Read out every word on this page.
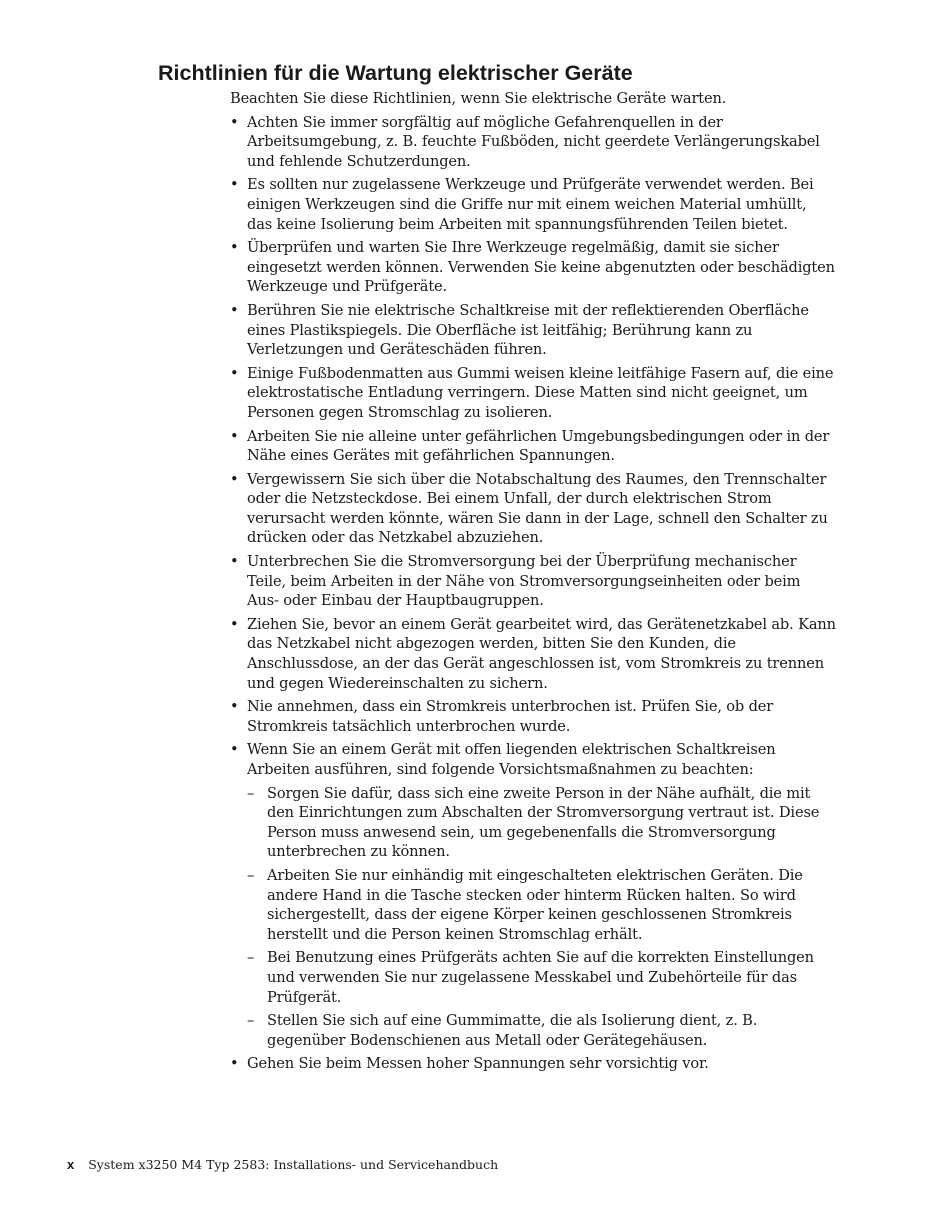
Richtlinien für die Wartung elektrischer Geräte

Beachten Sie diese Richtlinien, wenn Sie elektrische Geräte warten.

• Achten Sie immer sorgfältig auf mögliche Gefahrenquellen in der Arbeitsumgebung, z. B. feuchte Fußböden, nicht geerdete Verlängerungskabel und fehlende Schutzerdungen.
• Es sollten nur zugelassene Werkzeuge und Prüfgeräte verwendet werden. Bei einigen Werkzeugen sind die Griffe nur mit einem weichen Material umhüllt, das keine Isolierung beim Arbeiten mit spannungsführenden Teilen bietet.
• Überprüfen und warten Sie Ihre Werkzeuge regelmäßig, damit sie sicher eingesetzt werden können. Verwenden Sie keine abgenutzten oder beschädigten Werkzeuge und Prüfgeräte.
• Berühren Sie nie elektrische Schaltkreise mit der reflektierenden Oberfläche eines Plastikspiegels. Die Oberfläche ist leitfähig; Berührung kann zu Verletzungen und Geräteschäden führen.
• Einige Fußbodenmatten aus Gummi weisen kleine leitfähige Fasern auf, die eine elektrostatische Entladung verringern. Diese Matten sind nicht geeignet, um Personen gegen Stromschlag zu isolieren.
• Arbeiten Sie nie alleine unter gefährlichen Umgebungsbedingungen oder in der Nähe eines Gerätes mit gefährlichen Spannungen.
• Vergewissern Sie sich über die Notabschaltung des Raumes, den Trennschalter oder die Netzsteckdose. Bei einem Unfall, der durch elektrischen Strom verursacht werden könnte, wären Sie dann in der Lage, schnell den Schalter zu drücken oder das Netzkabel abzuziehen.
• Unterbrechen Sie die Stromversorgung bei der Überprüfung mechanischer Teile, beim Arbeiten in der Nähe von Stromversorgungseinheiten oder beim Aus- oder Einbau der Hauptbaugruppen.
• Ziehen Sie, bevor an einem Gerät gearbeitet wird, das Gerätenetzkabel ab. Kann das Netzkabel nicht abgezogen werden, bitten Sie den Kunden, die Anschlussdose, an der das Gerät angeschlossen ist, vom Stromkreis zu trennen und gegen Wiedereinschalten zu sichern.
• Nie annehmen, dass ein Stromkreis unterbrochen ist. Prüfen Sie, ob der Stromkreis tatsächlich unterbrochen wurde.
• Wenn Sie an einem Gerät mit offen liegenden elektrischen Schaltkreisen Arbeiten ausführen, sind folgende Vorsichtsmaßnahmen zu beachten:
– Sorgen Sie dafür, dass sich eine zweite Person in der Nähe aufhält, die mit den Einrichtungen zum Abschalten der Stromversorgung vertraut ist. Diese Person muss anwesend sein, um gegebenenfalls die Stromversorgung unterbrechen zu können.
– Arbeiten Sie nur einhändig mit eingeschalteten elektrischen Geräten. Die andere Hand in die Tasche stecken oder hinterm Rücken halten. So wird sichergestellt, dass der eigene Körper keinen geschlossenen Stromkreis herstellt und die Person keinen Stromschlag erhält.
– Bei Benutzung eines Prüfgeräts achten Sie auf die korrekten Einstellungen und verwenden Sie nur zugelassene Messkabel und Zubehörteile für das Prüfgerät.
– Stellen Sie sich auf eine Gummimatte, die als Isolierung dient, z. B. gegenüber Bodenschienen aus Metall oder Gerätegehäusen.
• Gehen Sie beim Messen hoher Spannungen sehr vorsichtig vor.
x System x3250 M4 Typ 2583: Installations- und Servicehandbuch
